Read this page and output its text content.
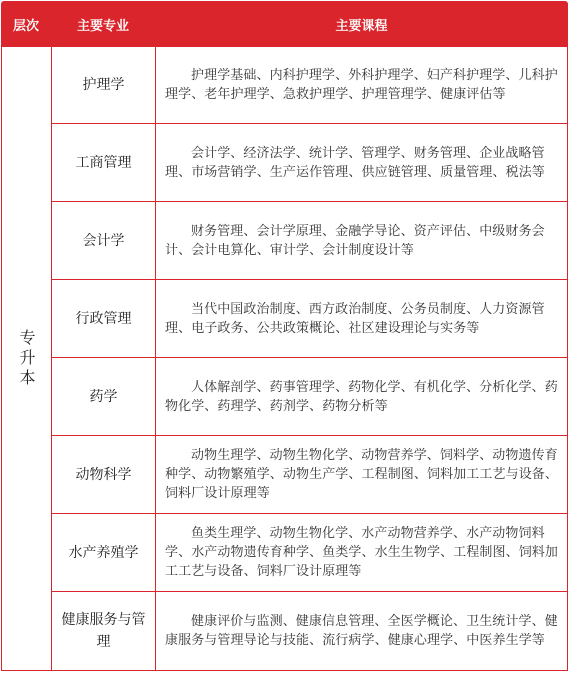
层次	主要专业	主要课程
专升本
护理学
护理学基础、内科护理学、外科护理学、妇产科护理学、儿科护理学、老年护理学、急救护理学、护理管理学、健康评估等
工商管理
会计学、经济法学、统计学、管理学、财务管理、企业战略管理、市场营销学、生产运作管理、供应链管理、质量管理、税法等
会计学
财务管理、会计学原理、金融学导论、资产评估、中级财务会计、会计电算化、审计学、会计制度设计等
行政管理
当代中国政治制度、西方政治制度、公务员制度、人力资源管理、电子政务、公共政策概论、社区建设理论与实务等
药学
人体解剖学、药事管理学、药物化学、有机化学、分析化学、药物化学、药理学、药剂学、药物分析等
动物科学
动物生理学、动物生物化学、动物营养学、饲料学、动物遗传育种学、动物繁殖学、动物生产学、工程制图、饲料加工工艺与设备、饲料厂设计原理等
水产养殖学
鱼类生理学、动物生物化学、水产动物营养学、水产动物饲料学、水产动物遗传育种学、鱼类学、水生生物学、工程制图、饲料加工工艺与设备、饲料厂设计原理等
健康服务与管理
健康评价与监测、健康信息管理、全医学概论、卫生统计学、健康服务与管理导论与技能、流行病学、健康心理学、中医养生学等
